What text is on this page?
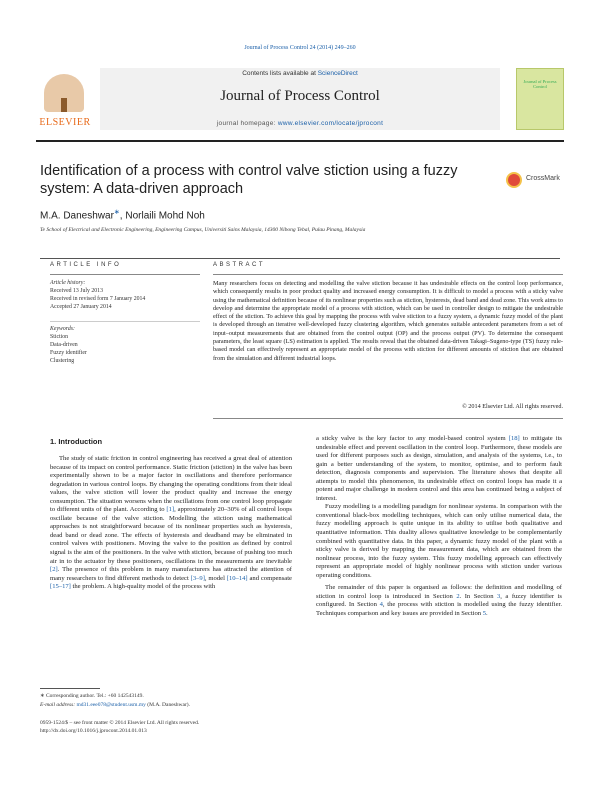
Journal of Process Control 24 (2014) 249–260
ELSEVIER
Contents lists available at ScienceDirect
Journal of Process Control
journal homepage: www.elsevier.com/locate/jprocont
Journal of Process Control
Identification of a process with control valve stiction using a fuzzy system: A data-driven approach
CrossMark
M.A. Daneshwar∗, Norlaili Mohd Noh
Te School of Electrical and Electronic Engineering, Engineering Campus, Universiti Sains Malaysia, 14300 Nibong Tebal, Pulau Pinang, Malaysia
ARTICLE INFO
Article history:
Received 13 July 2013
Received in revised form 7 January 2014
Accepted 27 January 2014
Keywords:
Stiction
Data-driven
Fuzzy identifier
Clustering
ABSTRACT
Many researchers focus on detecting and modelling the valve stiction because it has undesirable effects on the control loop performance, which consequently results in poor product quality and increased energy consumption. It is difficult to model a process with a sticky valve using the mathematical definition because of its nonlinear properties such as stiction, hysteresis, dead band and dead zone. This work aims to develop and determine the appropriate model of a process with stiction, which can be used in controller design to mitigate the undesirable effect of the stiction. To achieve this goal by mapping the process with valve stiction to a fuzzy system, a dynamic fuzzy model of the plant is developed through an iterative well-developed fuzzy clustering algorithm, which generates suitable antecedent parameters from a set of input–output measurements that are obtained from the control output (OP) and the process output (PV). To determine the consequent parameters, the least square (LS) estimation is applied. The results reveal that the obtained data-driven Takagi–Sugeno-type (TS) fuzzy rule-based model can effectively represent an appropriate model of the process with stiction for different amounts of stiction that are obtained from the simulation and different industrial loops.
© 2014 Elsevier Ltd. All rights reserved.
1. Introduction

The study of static friction in control engineering has received a great deal of attention because of its impact on control performance. Static friction (stiction) in the valve has been experimentally shown to be a major factor in oscillations and therefore performance degradation in various control loops. By changing the operating conditions from their ideal values, the valve stiction will lower the product quality and increase the energy consumption. The situation worsens when the oscillations from one control loop propagate to different units of the plant. According to [1], approximately 20–30% of all control loops oscillate because of the valve stiction. Modelling the stiction using mathematical approaches is not straightforward because of its nonlinear properties such as hysteresis, dead band or dead zone. The effects of hysteresis and deadband may be eliminated in control valves with positioners. Moving the valve to the position as defined by control signal is the aim of the positioners. In the valve with stiction, because of pushing too much air in to the actuator by these positioners, oscillations in the measurements are inevitable [2]. The presence of this problem in many manufacturers has attracted the attention of many researchers to find different methods to detect [3–9], model [10–14] and compensate [15–17] the problem. A high-quality model of the process with

a sticky valve is the key factor to any model-based control system [18] to mitigate its undesirable effect and prevent oscillation in the control loop. Furthermore, these models are used for different purposes such as design, simulation, and analysis of the systems, i.e., to gain a better understanding of the system, to monitor, optimise, and to perform fault detection, diagnosis components and supervision. The literature shows that despite all attempts to model this phenomenon, its undesirable effect on control loops has made it a potent and major challenge in modern control and this area has continued being a subject of interest.

Fuzzy modelling is a modelling paradigm for nonlinear systems. In comparison with the conventional black-box modelling techniques, which can only utilise numerical data, the fuzzy modelling approach is quite unique in its ability to utilise both qualitative and quantitative information. This duality allows qualitative knowledge to be complementarily combined with quantitative data. In this paper, a dynamic fuzzy model of the plant with a sticky valve is derived by mapping the measurement data, which are obtained from the nonlinear process, into the fuzzy system. This fuzzy modelling approach can effectively represent an appropriate model of highly nonlinear process with stiction under various operating conditions.

The remainder of this paper is organised as follows: the definition and modelling of stiction in control loop is introduced in Section 2. In Section 3, a fuzzy identifier is configured. In Section 4, the process with stiction is modelled using the fuzzy identifier. Techniques comparison and key issues are provided in Section 5.

∗ Corresponding author. Tel.: +60 142543149.
E-mail address: md31.eee078@student.usm.my (M.A. Daneshwar).
0959-1524/$ – see front matter © 2014 Elsevier Ltd. All rights reserved.
http://dx.doi.org/10.1016/j.jprocont.2014.01.013
